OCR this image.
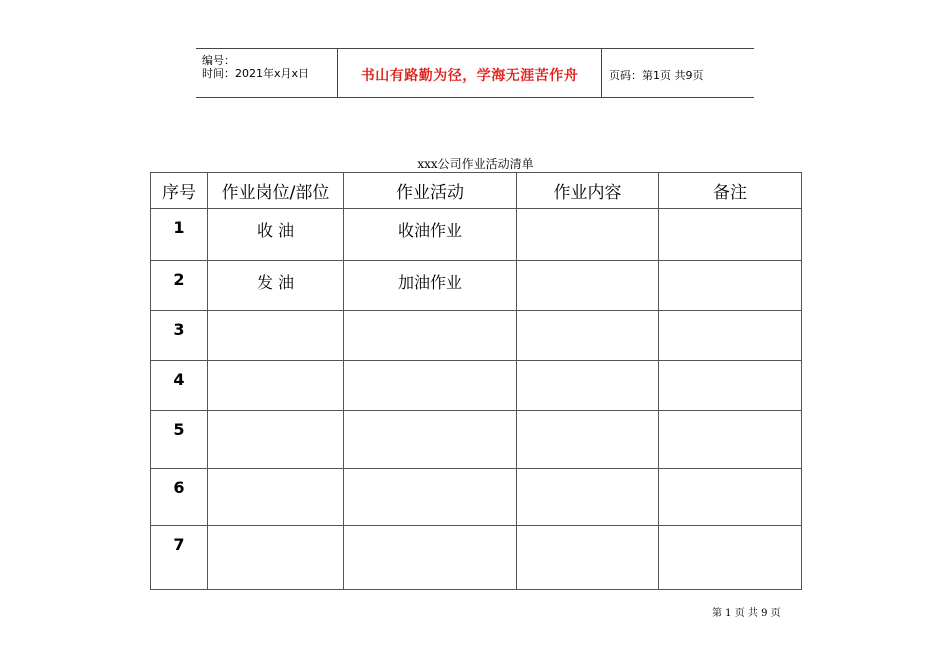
编号：
时间：2021年x月x日	书山有路勤为径，学海无涯苦作舟	页码：第1页 共9页
xxx公司作业活动清单
序号	作业岗位/部位	作业活动	作业内容	备注

1	收 油	收油作业		

2	发 油	加油作业		

3				

4				

5				

6				

7				

第 1 页 共 9 页
